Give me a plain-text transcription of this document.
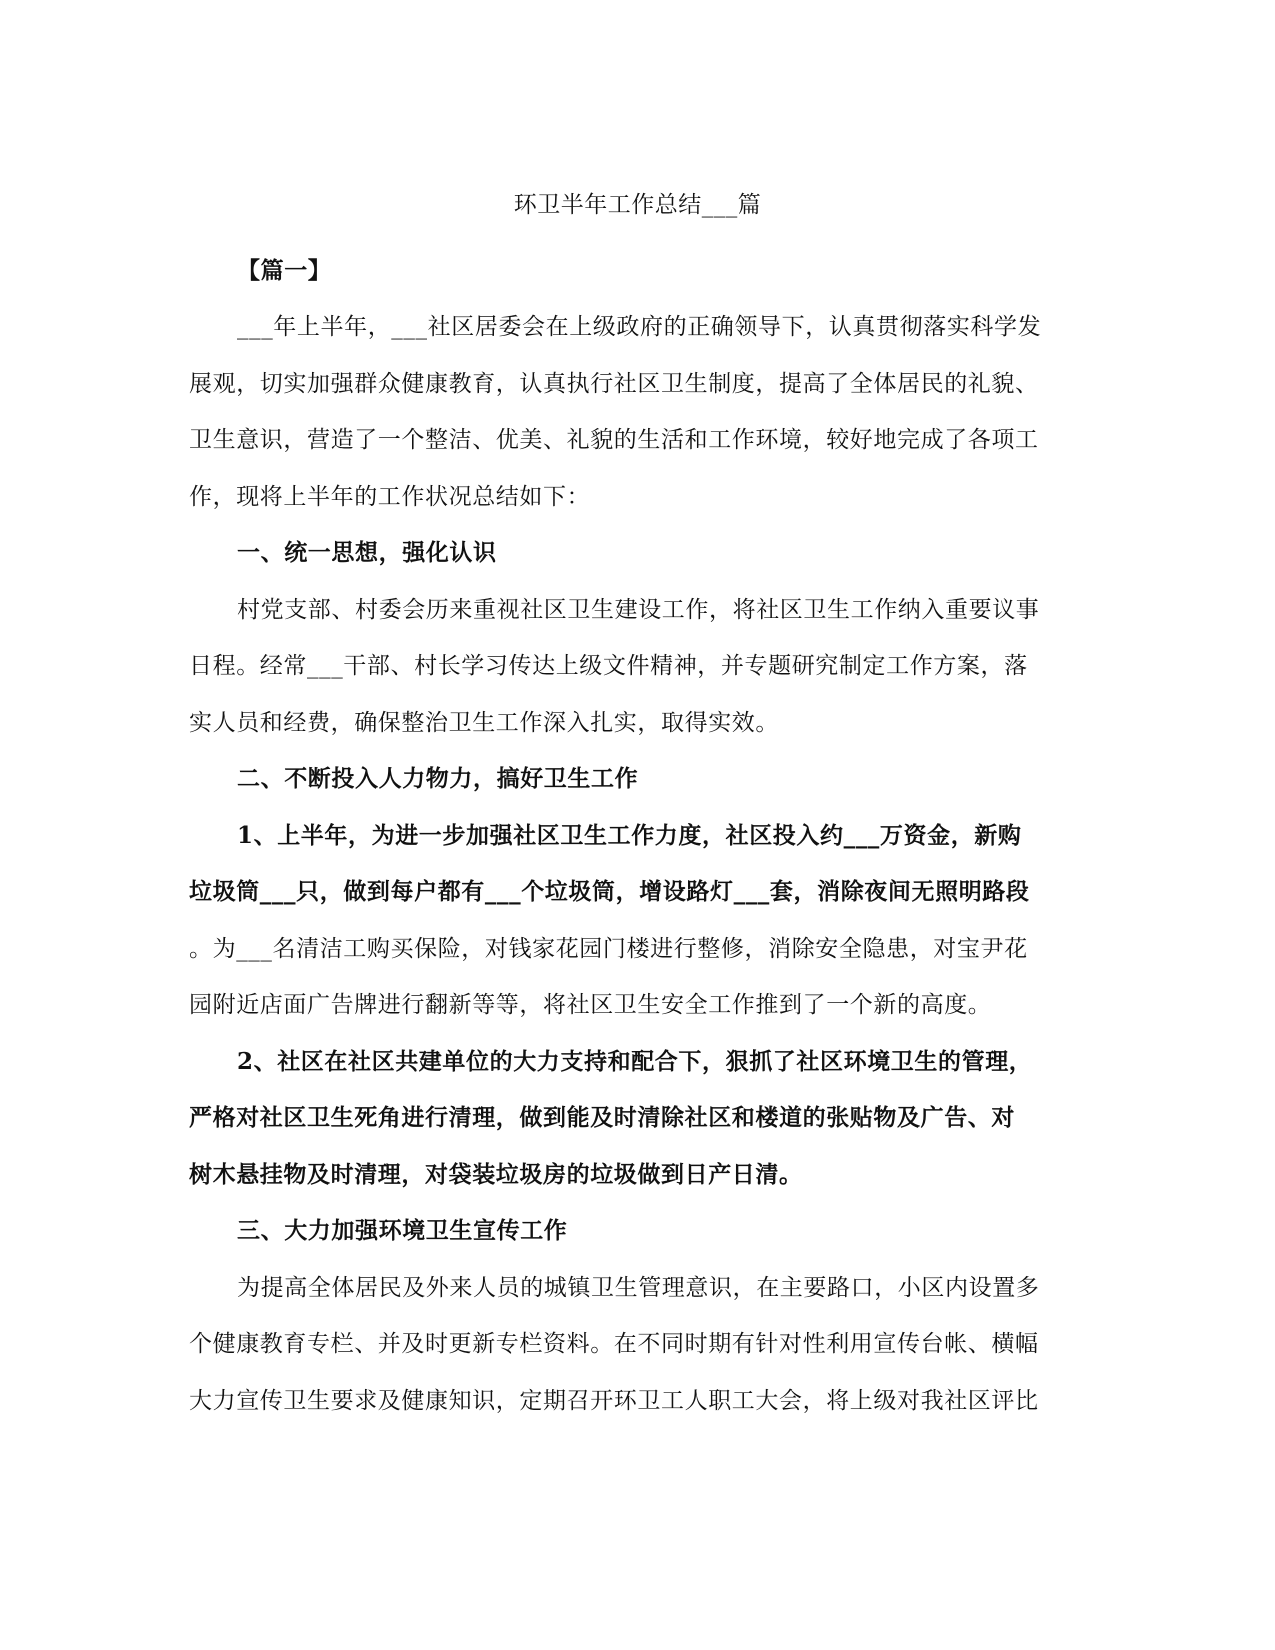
环卫半年工作总结___篇
【篇一】
___年上半年，___社区居委会在上级政府的正确领导下，认真贯彻落实科学发
展观，切实加强群众健康教育，认真执行社区卫生制度，提高了全体居民的礼貌、
卫生意识，营造了一个整洁、优美、礼貌的生活和工作环境，较好地完成了各项工
作，现将上半年的工作状况总结如下：
一、统一思想，强化认识
村党支部、村委会历来重视社区卫生建设工作，将社区卫生工作纳入重要议事
日程。经常___干部、村长学习传达上级文件精神，并专题研究制定工作方案，落
实人员和经费，确保整治卫生工作深入扎实，取得实效。
二、不断投入人力物力，搞好卫生工作
1、上半年，为进一步加强社区卫生工作力度，社区投入约___万资金，新购
垃圾筒___只，做到每户都有___个垃圾筒，增设路灯___套，消除夜间无照明路段
。为___名清洁工购买保险，对钱家花园门楼进行整修，消除安全隐患，对宝尹花
园附近店面广告牌进行翻新等等，将社区卫生安全工作推到了一个新的高度。
2、社区在社区共建单位的大力支持和配合下，狠抓了社区环境卫生的管理，
严格对社区卫生死角进行清理，做到能及时清除社区和楼道的张贴物及广告、对
树木悬挂物及时清理，对袋装垃圾房的垃圾做到日产日清。
三、大力加强环境卫生宣传工作
为提高全体居民及外来人员的城镇卫生管理意识，在主要路口，小区内设置多
个健康教育专栏、并及时更新专栏资料。在不同时期有针对性利用宣传台帐、横幅
大力宣传卫生要求及健康知识，定期召开环卫工人职工大会，将上级对我社区评比
